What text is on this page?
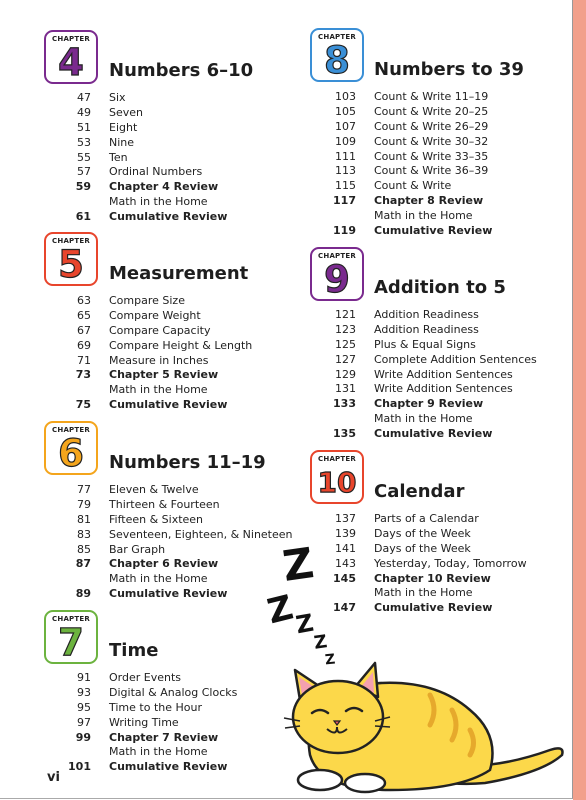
CHAPTER
4	Numbers 6–10
47 Six
49 Seven
51 Eight
53 Nine
55 Ten
57 Ordinal Numbers
59 Chapter 4 Review
Math in the Home
61 Cumulative Review
CHAPTER
5	Measurement
63 Compare Size
65 Compare Weight
67 Compare Capacity
69 Compare Height & Length
71 Measure in Inches
73 Chapter 5 Review
Math in the Home
75 Cumulative Review
CHAPTER
6	Numbers 11–19
77 Eleven & Twelve
79 Thirteen & Fourteen
81 Fifteen & Sixteen
83 Seventeen, Eighteen, & Nineteen
85 Bar Graph
87 Chapter 6 Review
Math in the Home
89 Cumulative Review
CHAPTER
7	Time
91 Order Events
93 Digital & Analog Clocks
95 Time to the Hour
97 Writing Time
99 Chapter 7 Review
Math in the Home
101 Cumulative Review
CHAPTER
8	Numbers to 39
103 Count & Write 11–19
105 Count & Write 20–25
107 Count & Write 26–29
109 Count & Write 30–32
111 Count & Write 33–35
113 Count & Write 36–39
115 Count & Write
117 Chapter 8 Review
Math in the Home
119 Cumulative Review
CHAPTER
9	Addition to 5
121 Addition Readiness
123 Addition Readiness
125 Plus & Equal Signs
127 Complete Addition Sentences
129 Write Addition Sentences
131 Write Addition Sentences
133 Chapter 9 Review
Math in the Home
135 Cumulative Review
CHAPTER
10 Calendar
137 Parts of a Calendar
139 Days of the Week
141 Days of the Week
143 Yesterday, Today, Tomorrow
145 Chapter 10 Review
Math in the Home
147 Cumulative Review
Z
Z
Z
Z
Z
vi
